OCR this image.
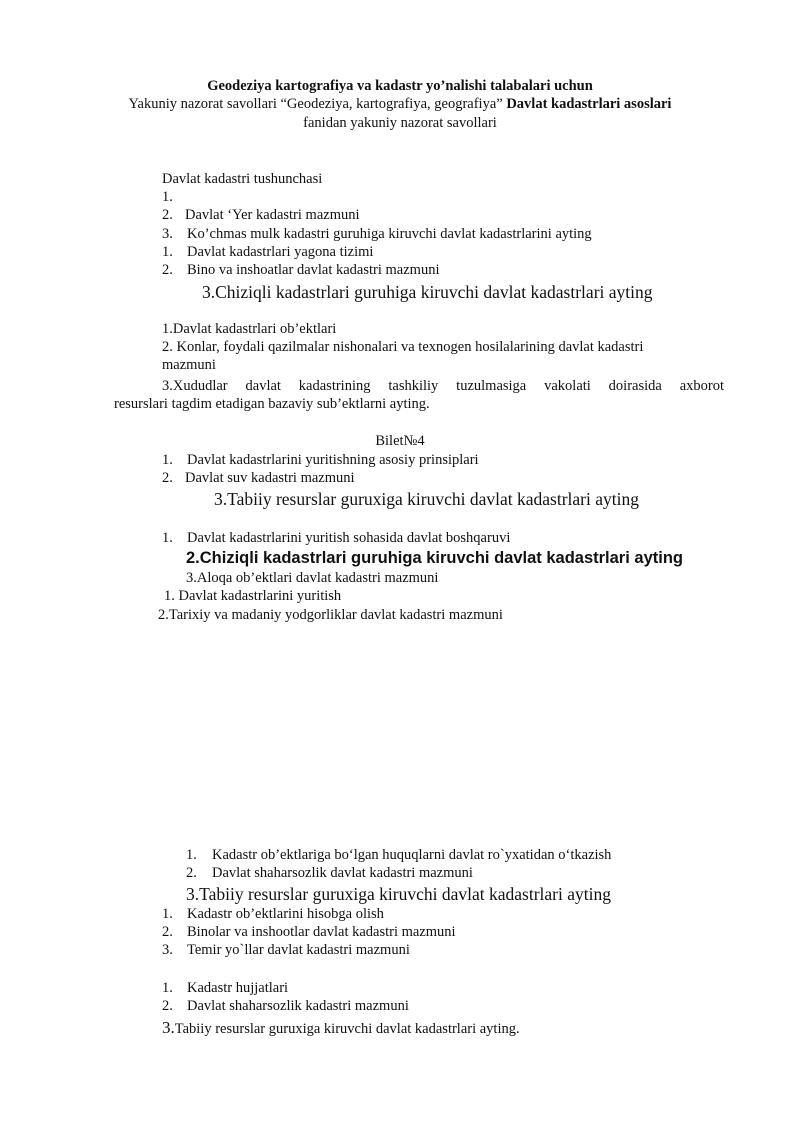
Geodeziya kartografiya va kadastr yo’nalishi talabalari uchun
Yakuniy nazorat savollari “Geodeziya, kartografiya, geografiya” Davlat kadastrlari asoslari
fanidan yakuniy nazorat savollari
Davlat kadastri tushunchasi
1.
2. Davlat ‘Yer kadastri mazmuni
3. Ko’chmas mulk kadastri guruhiga kiruvchi davlat kadastrlarini ayting
1. Davlat kadastrlari yagona tizimi
2. Bino va inshoatlar davlat kadastri mazmuni
3.Chiziqli kadastrlari guruhiga kiruvchi davlat kadastrlari ayting
1.Davlat kadastrlari ob’ektlari
2. Konlar, foydali qazilmalar nishonalari va texnogen hosilalarining davlat kadastri
mazmuni
3.Xududlar davlat kadastrining tashkiliy tuzulmasiga vakolati doirasida axborot
resurslari tagdim etadigan bazaviy sub’ektlarni ayting.
Bilet№4
1. Davlat kadastrlarini yuritishning asosiy prinsiplari
2. Davlat suv kadastri mazmuni
3.Tabiiy resurslar guruxiga kiruvchi davlat kadastrlari ayting
1. Davlat kadastrlarini yuritish sohasida davlat boshqaruvi
2.Chiziqli kadastrlari guruhiga kiruvchi davlat kadastrlari ayting
3.Aloqa ob’ektlari davlat kadastri mazmuni
1. Davlat kadastrlarini yuritish
2.Tarixiy va madaniy yodgorliklar davlat kadastri mazmuni
1. Kadastr ob’ektlariga bo‘lgan huquqlarni davlat ro`yxatidan o‘tkazish
2. Davlat shaharsozlik davlat kadastri mazmuni
3.Tabiiy resurslar guruxiga kiruvchi davlat kadastrlari ayting
1. Kadastr ob’ektlarini hisobga olish
2. Binolar va inshootlar davlat kadastri mazmuni
3. Temir yo`llar davlat kadastri mazmuni
1. Kadastr hujjatlari
2. Davlat shaharsozlik kadastri mazmuni
3.Tabiiy resurslar guruxiga kiruvchi davlat kadastrlari ayting.
